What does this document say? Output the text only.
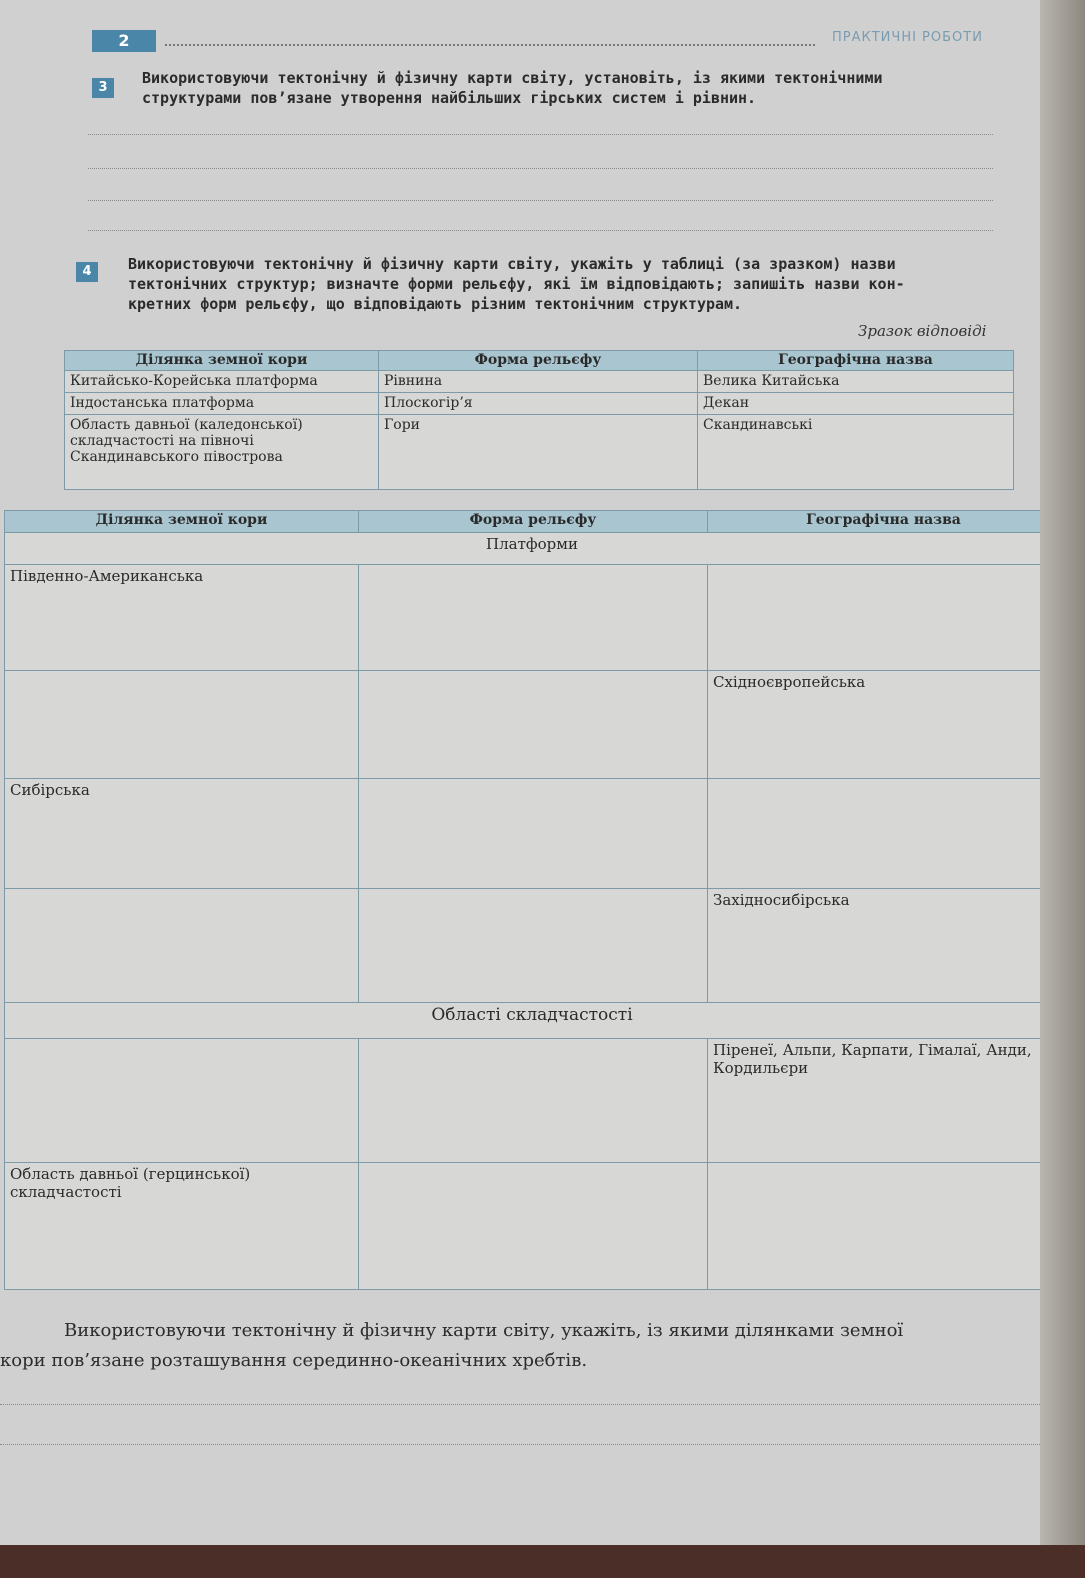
2	ПРАКТИЧНІ РОБОТИ
3
Використовуючи тектонічну й фізичну карти світу, установіть, із якими тектонічними
структурами пов’язане утворення найбільших гірських систем і рівнин.
4	Використовуючи тектонічну й фізичну карти світу, укажіть у таблиці (за зразком) назви
тектонічних структур; визначте форми рельєфу, які їм відповідають; запишіть назви кон-
кретних форм рельєфу, що відповідають різним тектонічним структурам.
Зразок відповіді
Ділянка земної кори	Форма рельєфу	Географічна назва
Китайсько-Корейська платформа	Рівнина	Велика Китайська
Індостанська платформа	Плоскогір’я	Декан
Область давньої (каледонської) складчастості на півночі Скандинавського півострова	Гори	Скандинавські
Ділянка земної кори	Форма рельєфу	Географічна назва
Платформи		
Південно-Американська		
		Східноєвропейська
Сибірська		
		Західносибірська
Області складчастості		
		Піренеї, Альпи, Карпати, Гімалаї, Анди, Кордильєри
Область давньої (герцинської) складчастості		
Використовуючи тектонічну й фізичну карти світу, укажіть, із якими ділянками земної
кори пов’язане розташування серединно-океанічних хребтів.
